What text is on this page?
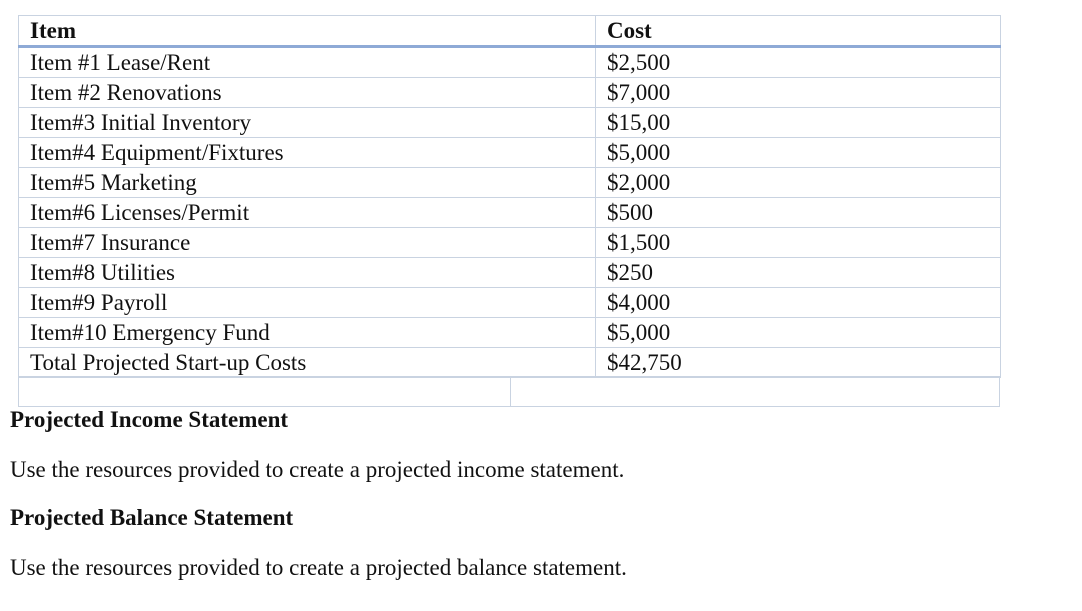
Item	Cost
Item #1 Lease/Rent	$2,500
Item #2 Renovations	$7,000
Item#3 Initial Inventory	$15,00
Item#4 Equipment/Fixtures	$5,000
Item#5 Marketing	$2,000
Item#6 Licenses/Permit	$500
Item#7 Insurance	$1,500
Item#8 Utilities	$250
Item#9 Payroll	$4,000
Item#10 Emergency Fund	$5,000
Total Projected Start-up Costs	$42,750

Projected Income Statement

Use the resources provided to create a projected income statement.

Projected Balance Statement

Use the resources provided to create a projected balance statement.
